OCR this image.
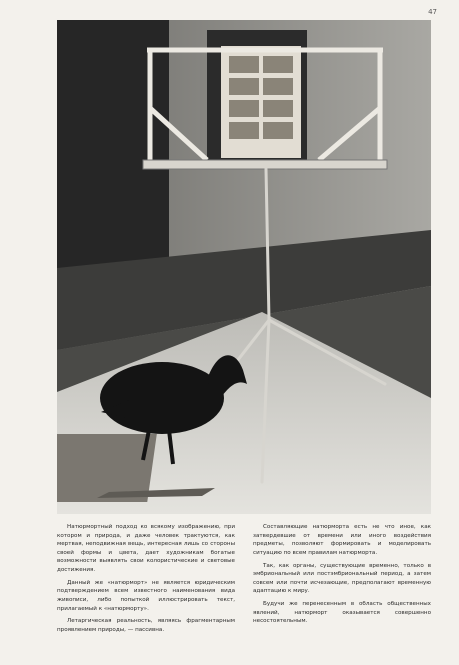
47

Натюрмортный подход ко всякому изображению, при котором и природа, и даже человек трактуются, как мертвая, неподвижная вещь, интересная лишь со стороны своей формы и цвета, дает художникам богатые возможности выявлять свои колористические и световые достижения.

Данный же «натюрморт» не является юридическим подтверждением всем известного наименования вида живописи, либо попыткой иллюстрировать текст, прилагаемый к «натюрморту».

Летаргическая реальность, являясь фрагментарным проявлением природы, — пассивна.

Составляющие натюрморта есть не что иное, как затвердевшие от времени или иного воздействия предметы, позволяют формировать и моделировать ситуацию по всем правилам натюрморта.

Так, как органы, существующие временно, только в эмбриональный или постэмбриональный период, а затем совсем или почти исчезающие, предполагают временную адаптацию к миру.

Будучи же перенесенным в область общественных явлений, натюрморт оказывается совершенно несостоятельным.
